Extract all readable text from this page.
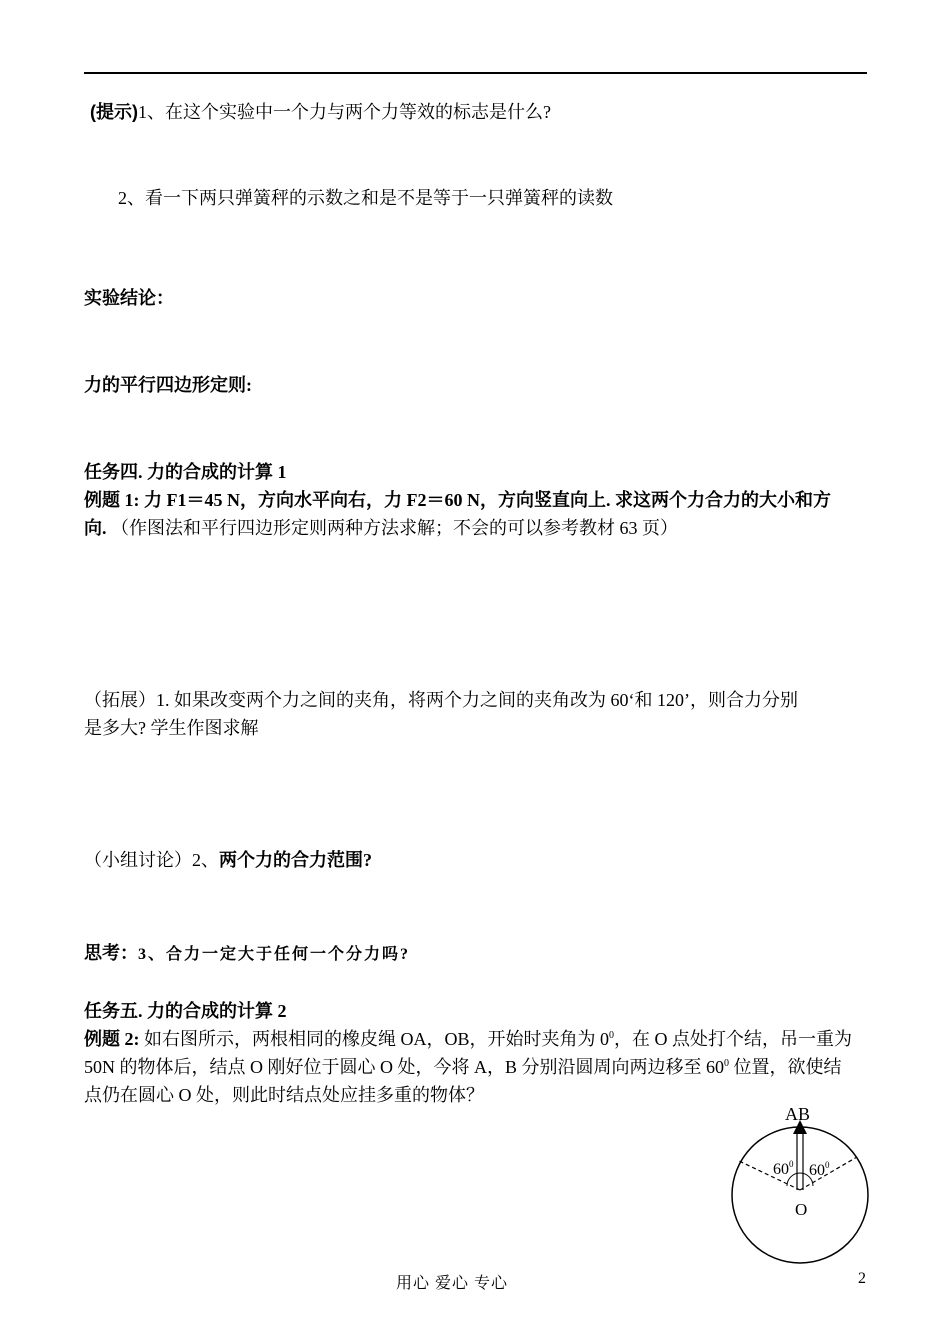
(提示)1、在这个实验中一个力与两个力等效的标志是什么?
2、看一下两只弹簧秤的示数之和是不是等于一只弹簧秤的读数
实验结论：
力的平行四边形定则:
任务四. 力的合成的计算 1
例题 1: 力 F1＝45 N，方向水平向右，力 F2＝60 N，方向竖直向上. 求这两个力合力的大小和方
向. （作图法和平行四边形定则两种方法求解；不会的可以参考教材 63 页）
（拓展）1. 如果改变两个力之间的夹角，将两个力之间的夹角改为 60‘和 120’，则合力分别
是多大? 学生作图求解
（小组讨论）2、两个力的合力范围?
思考：3、合力一定大于任何一个分力吗?
任务五. 力的合成的计算 2
例题 2: 如右图所示，两根相同的橡皮绳 OA，OB，开始时夹角为 $0^0$，在 O 点处打个结，吊一重为
50N 的物体后，结点 O 刚好位于圆心 O 处，今将 A，B 分别沿圆周向两边移至 $60^0$ 位置，欲使结
点仍在圆心 O 处，则此时结点处应挂多重的物体？
AB
$60^0$ $60^0$
O
用心 爱心 专心	2
